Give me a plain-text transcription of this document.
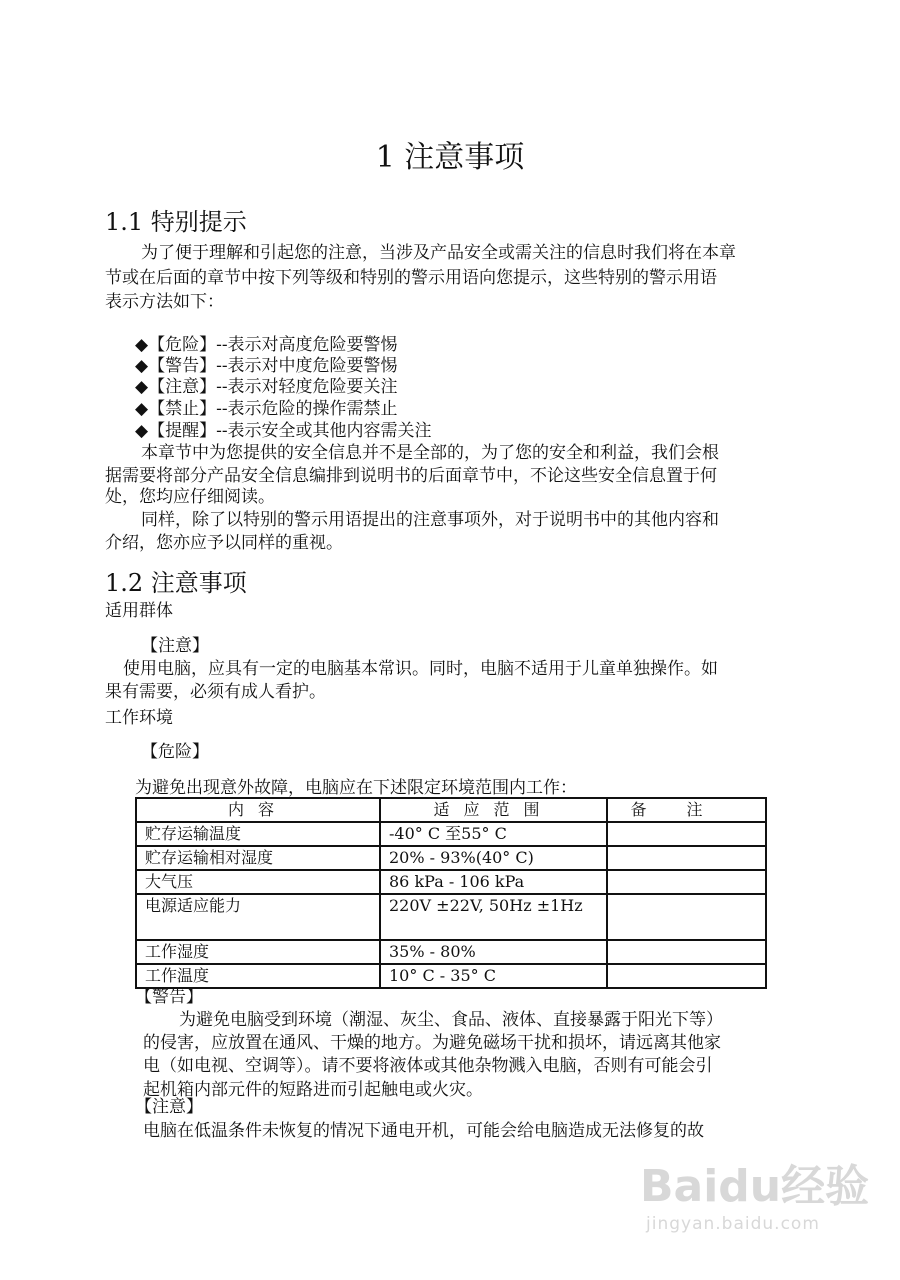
1 注意事项
1.1 特别提示
为了便于理解和引起您的注意，当涉及产品安全或需关注的信息时我们将在本章
节或在后面的章节中按下列等级和特别的警示用语向您提示，这些特别的警示用语
表示方法如下：
◆【危险】--表示对高度危险要警惕
◆【警告】--表示对中度危险要警惕
◆【注意】--表示对轻度危险要关注
◆【禁止】--表示危险的操作需禁止
◆【提醒】--表示安全或其他内容需关注
本章节中为您提供的安全信息并不是全部的，为了您的安全和利益，我们会根
据需要将部分产品安全信息编排到说明书的后面章节中，不论这些安全信息置于何
处，您均应仔细阅读。
同样，除了以特别的警示用语提出的注意事项外，对于说明书中的其他内容和
介绍，您亦应予以同样的重视。
1.2 注意事项
适用群体
【注意】
使用电脑，应具有一定的电脑基本常识。同时，电脑不适用于儿童单独操作。如
果有需要，必须有成人看护。
工作环境
【危险】
为避免出现意外故障，电脑应在下述限定环境范围内工作：
内容	适应范围	备注
贮存运输温度	-40° C 至55° C	
贮存运输相对湿度	20% - 93%(40° C)	
大气压	86 kPa - 106 kPa	
电源适应能力	220V ±22V, 50Hz ±1Hz	
工作湿度	35% - 80%	
工作温度	10° C - 35° C	
【警告】
为避免电脑受到环境（潮湿、灰尘、食品、液体、直接暴露于阳光下等）
的侵害，应放置在通风、干燥的地方。为避免磁场干扰和损坏，请远离其他家
电（如电视、空调等）。请不要将液体或其他杂物溅入电脑，否则有可能会引
起机箱内部元件的短路进而引起触电或火灾。
【注意】
电脑在低温条件未恢复的情况下通电开机，可能会给电脑造成无法修复的故
Baidu经验
jingyan.baidu.com
